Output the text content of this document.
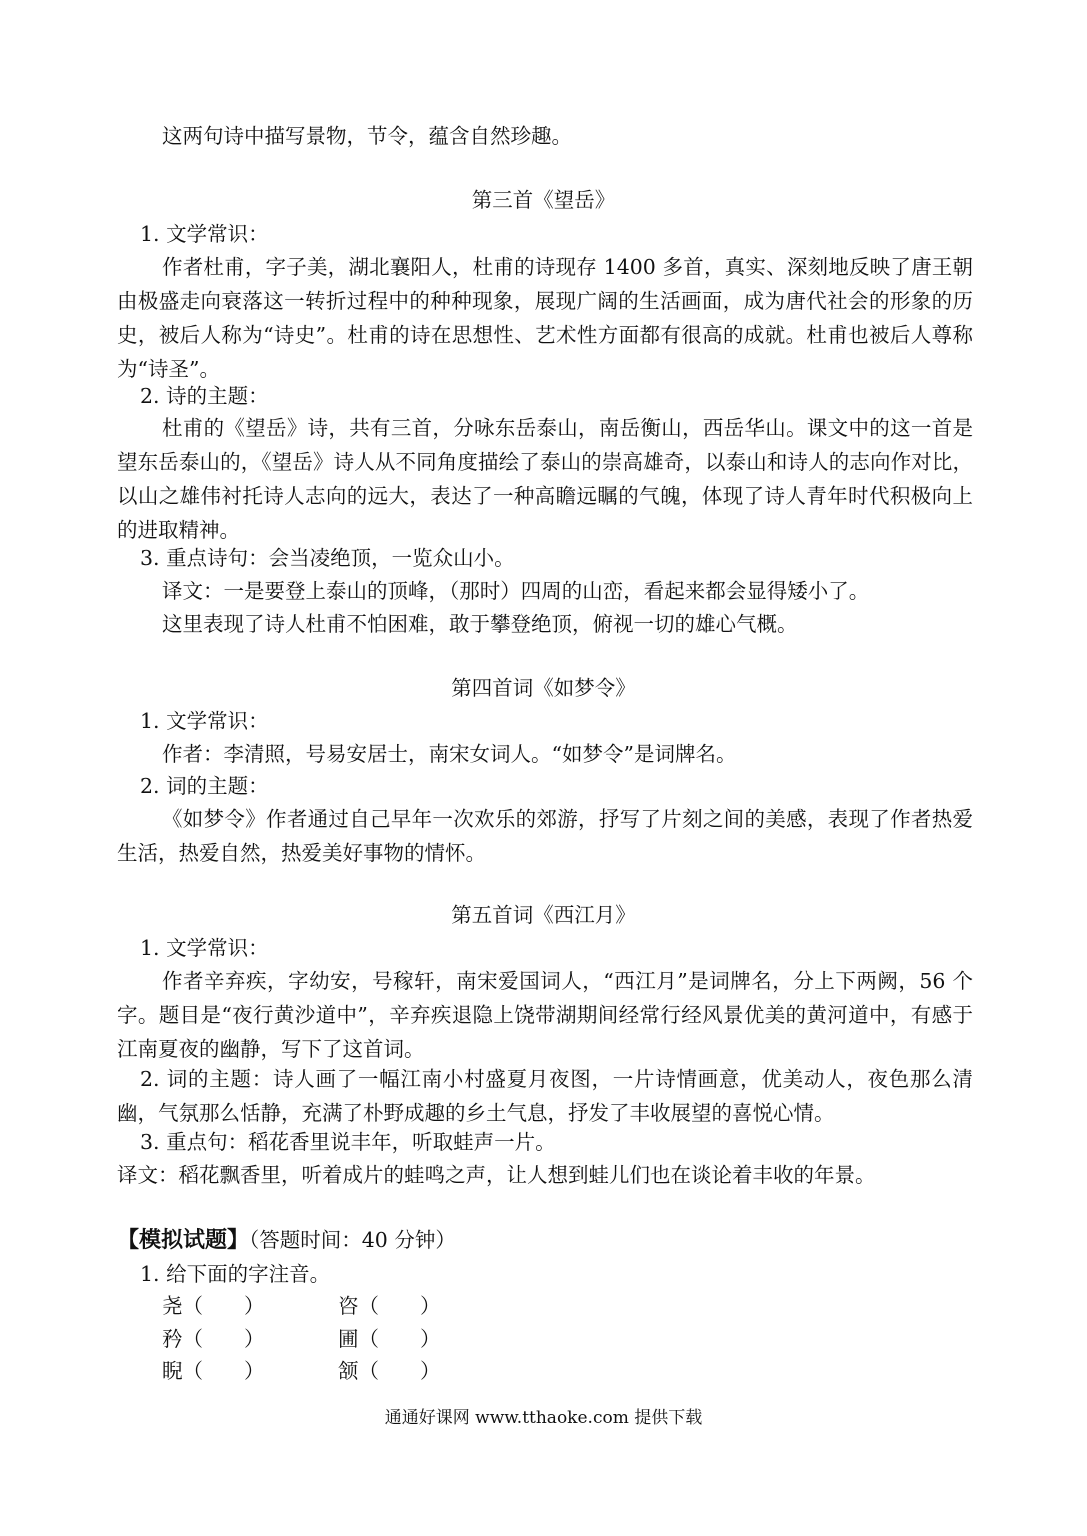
这两句诗中描写景物，节令，蕴含自然珍趣。
第三首《望岳》
1. 文学常识：
作者杜甫，字子美，湖北襄阳人，杜甫的诗现存 1400 多首，真实、深刻地反映了唐王朝由极盛走向衰落这一转折过程中的种种现象，展现广阔的生活画面，成为唐代社会的形象的历史，被后人称为“诗史”。杜甫的诗在思想性、艺术性方面都有很高的成就。杜甫也被后人尊称为“诗圣”。
2. 诗的主题：
杜甫的《望岳》诗，共有三首，分咏东岳泰山，南岳衡山，西岳华山。课文中的这一首是望东岳泰山的，《望岳》诗人从不同角度描绘了泰山的崇高雄奇，以泰山和诗人的志向作对比，以山之雄伟衬托诗人志向的远大，表达了一种高瞻远瞩的气魄，体现了诗人青年时代积极向上的进取精神。
3. 重点诗句：会当凌绝顶，一览众山小。
译文：一是要登上泰山的顶峰，（那时）四周的山峦，看起来都会显得矮小了。
这里表现了诗人杜甫不怕困难，敢于攀登绝顶，俯视一切的雄心气概。
第四首词《如梦令》
1. 文学常识：
作者：李清照，号易安居士，南宋女词人。“如梦令”是词牌名。
2. 词的主题：
《如梦令》作者通过自己早年一次欢乐的郊游，抒写了片刻之间的美感，表现了作者热爱生活，热爱自然，热爱美好事物的情怀。
第五首词《西江月》
1. 文学常识：
作者辛弃疾，字幼安，号稼轩，南宋爱国词人，“西江月”是词牌名，分上下两阙，56 个字。题目是“夜行黄沙道中”，辛弃疾退隐上饶带湖期间经常行经风景优美的黄河道中，有感于江南夏夜的幽静，写下了这首词。
2. 词的主题：诗人画了一幅江南小村盛夏月夜图，一片诗情画意，优美动人，夜色那么清幽，气氛那么恬静，充满了朴野成趣的乡土气息，抒发了丰收展望的喜悦心情。
3. 重点句：稻花香里说丰年，听取蛙声一片。
译文：稻花飘香里，听着成片的蛙鸣之声，让人想到蛙儿们也在谈论着丰收的年景。
【模拟试题】（答题时间：40 分钟）
1. 给下面的字注音。
尧（　　）	咨（　　）
矜（　　）	圃（　　）
睨（　　）	颔（　　）
通通好课网 www.tthaoke.com 提供下载
